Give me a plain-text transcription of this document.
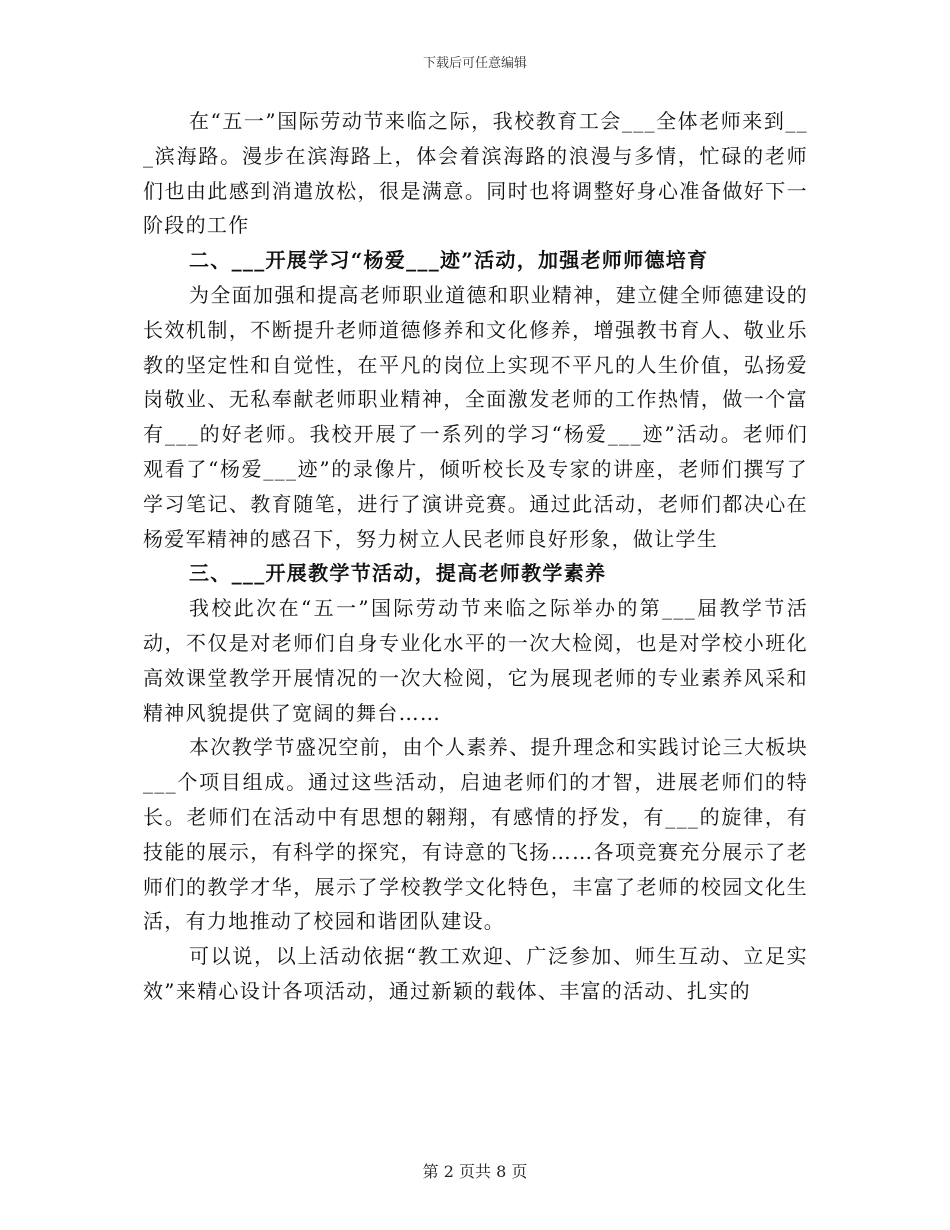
下载后可任意编辑

在“五一”国际劳动节来临之际，我校教育工会___全体老师来到___滨海路。漫步在滨海路上，体会着滨海路的浪漫与多情，忙碌的老师们也由此感到消遣放松，很是满意。同时也将调整好身心准备做好下一阶段的工作

二、___开展学习“杨爱___迹”活动，加强老师师德培育

为全面加强和提高老师职业道德和职业精神，建立健全师德建设的长效机制，不断提升老师道德修养和文化修养，增强教书育人、敬业乐教的坚定性和自觉性，在平凡的岗位上实现不平凡的人生价值，弘扬爱岗敬业、无私奉献老师职业精神，全面激发老师的工作热情，做一个富有___的好老师。我校开展了一系列的学习“杨爱___迹”活动。老师们观看了“杨爱___迹”的录像片，倾听校长及专家的讲座，老师们撰写了学习笔记、教育随笔，进行了演讲竞赛。通过此活动，老师们都决心在杨爱军精神的感召下，努力树立人民老师良好形象，做让学生

三、___开展教学节活动，提高老师教学素养

我校此次在“五一”国际劳动节来临之际举办的第___届教学节活动，不仅是对老师们自身专业化水平的一次大检阅，也是对学校小班化高效课堂教学开展情况的一次大检阅，它为展现老师的专业素养风采和精神风貌提供了宽阔的舞台……

本次教学节盛况空前，由个人素养、提升理念和实践讨论三大板块___个项目组成。通过这些活动，启迪老师们的才智，进展老师们的特长。老师们在活动中有思想的翱翔，有感情的抒发，有___的旋律，有技能的展示，有科学的探究，有诗意的飞扬……各项竞赛充分展示了老师们的教学才华，展示了学校教学文化特色，丰富了老师的校园文化生活，有力地推动了校园和谐团队建设。

可以说，以上活动依据“教工欢迎、广泛参加、师生互动、立足实效”来精心设计各项活动，通过新颖的载体、丰富的活动、扎实的

第 2 页共 8 页
